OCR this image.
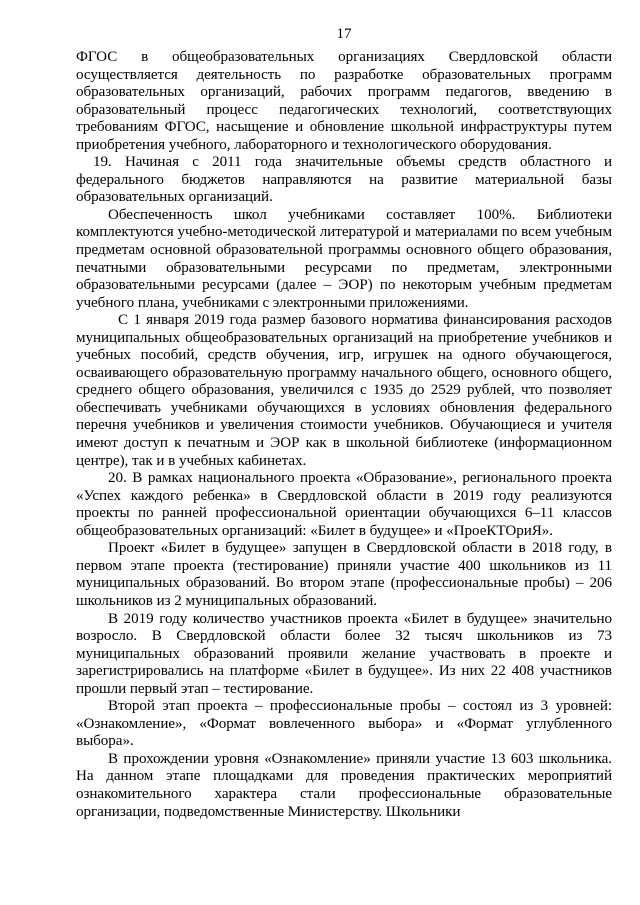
17

ФГОС в общеобразовательных организациях Свердловской области осуществляется деятельность по разработке образовательных программ образовательных организаций, рабочих программ педагогов, введению в образовательный процесс педагогических технологий, соответствующих требованиям ФГОС, насыщение и обновление школьной инфраструктуры путем приобретения учебного, лабораторного и технологического оборудования.

19. Начиная с 2011 года значительные объемы средств областного и федерального бюджетов направляются на развитие материальной базы образовательных организаций.

Обеспеченность школ учебниками составляет 100%. Библиотеки комплектуются учебно-методической литературой и материалами по всем учебным предметам основной образовательной программы основного общего образования, печатными образовательными ресурсами по предметам, электронными образовательными ресурсами (далее – ЭОР) по некоторым учебным предметам учебного плана, учебниками с электронными приложениями.

С 1 января 2019 года размер базового норматива финансирования расходов муниципальных общеобразовательных организаций на приобретение учебников и учебных пособий, средств обучения, игр, игрушек на одного обучающегося, осваивающего образовательную программу начального общего, основного общего, среднего общего образования, увеличился с 1935 до 2529 рублей, что позволяет обеспечивать учебниками обучающихся в условиях обновления федерального перечня учебников и увеличения стоимости учебников. Обучающиеся и учителя имеют доступ к печатным и ЭОР как в школьной библиотеке (информационном центре), так и в учебных кабинетах.

20. В рамках национального проекта «Образование», регионального проекта «Успех каждого ребенка» в Свердловской области в 2019 году реализуются проекты по ранней профессиональной ориентации обучающихся 6–11 классов общеобразовательных организаций: «Билет в будущее» и «ПроеКТОриЯ».

Проект «Билет в будущее» запущен в Свердловской области в 2018 году, в первом этапе проекта (тестирование) приняли участие 400 школьников из 11 муниципальных образований. Во втором этапе (профессиональные пробы) – 206 школьников из 2 муниципальных образований.

В 2019 году количество участников проекта «Билет в будущее» значительно возросло. В Свердловской области более 32 тысяч школьников из 73 муниципальных образований проявили желание участвовать в проекте и зарегистрировались на платформе «Билет в будущее». Из них 22 408 участников прошли первый этап – тестирование.

Второй этап проекта – профессиональные пробы – состоял из 3 уровней: «Ознакомление», «Формат вовлеченного выбора» и «Формат углубленного выбора».

В прохождении уровня «Ознакомление» приняли участие 13 603 школьника. На данном этапе площадками для проведения практических мероприятий ознакомительного характера стали профессиональные образовательные организации, подведомственные Министерству. Школьники
